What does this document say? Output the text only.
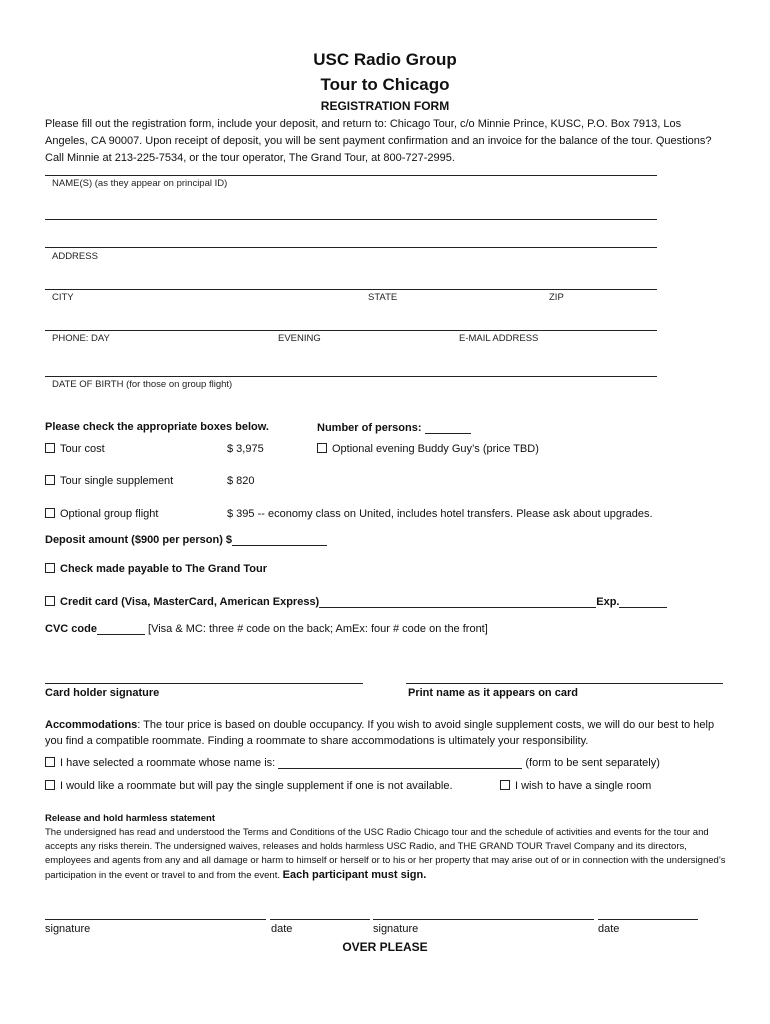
USC Radio Group
Tour to Chicago
REGISTRATION FORM
Please fill out the registration form, include your deposit, and return to: Chicago Tour, c/o Minnie Prince, KUSC, P.O. Box 7913, Los Angeles, CA 90007. Upon receipt of deposit, you will be sent payment confirmation and an invoice for the balance of the tour. Questions? Call Minnie at 213-225-7534, or the tour operator, The Grand Tour, at 800-727-2995.
NAME(S) (as they appear on principal ID)
ADDRESS
CITY	STATE	ZIP
PHONE: DAY	EVENING	E-MAIL ADDRESS
DATE OF BIRTH (for those on group flight)
Please check the appropriate boxes below.	Number of persons:
Tour cost	$ 3,975	Optional evening Buddy Guy’s (price TBD)
Tour single supplement	$ 820
Optional group flight	$ 395 -- economy class on United, includes hotel transfers. Please ask about upgrades.
Deposit amount ($900 per person) $
Check made payable to The Grand Tour
Credit card (Visa, MasterCard, American Express)	Exp.
CVC code	[Visa & MC: three # code on the back; AmEx: four # code on the front]
Card holder signature	Print name as it appears on card
Accommodations: The tour price is based on double occupancy. If you wish to avoid single supplement costs, we will do our best to help you find a compatible roommate. Finding a roommate to share accommodations is ultimately your responsibility.
I have selected a roommate whose name is:	(form to be sent separately)
I would like a roommate but will pay the single supplement if one is not available.	I wish to have a single room
Release and hold harmless statement
The undersigned has read and understood the Terms and Conditions of the USC Radio Chicago tour and the schedule of activities and events for the tour and accepts any risks therein. The undersigned waives, releases and holds harmless USC Radio, and THE GRAND TOUR Travel Company and its directors, employees and agents from any and all damage or harm to himself or herself or to his or her property that may arise out of or in connection with the undersigned’s participation in the event or travel to and from the event. Each participant must sign.
signature	date	signature	date
OVER PLEASE
